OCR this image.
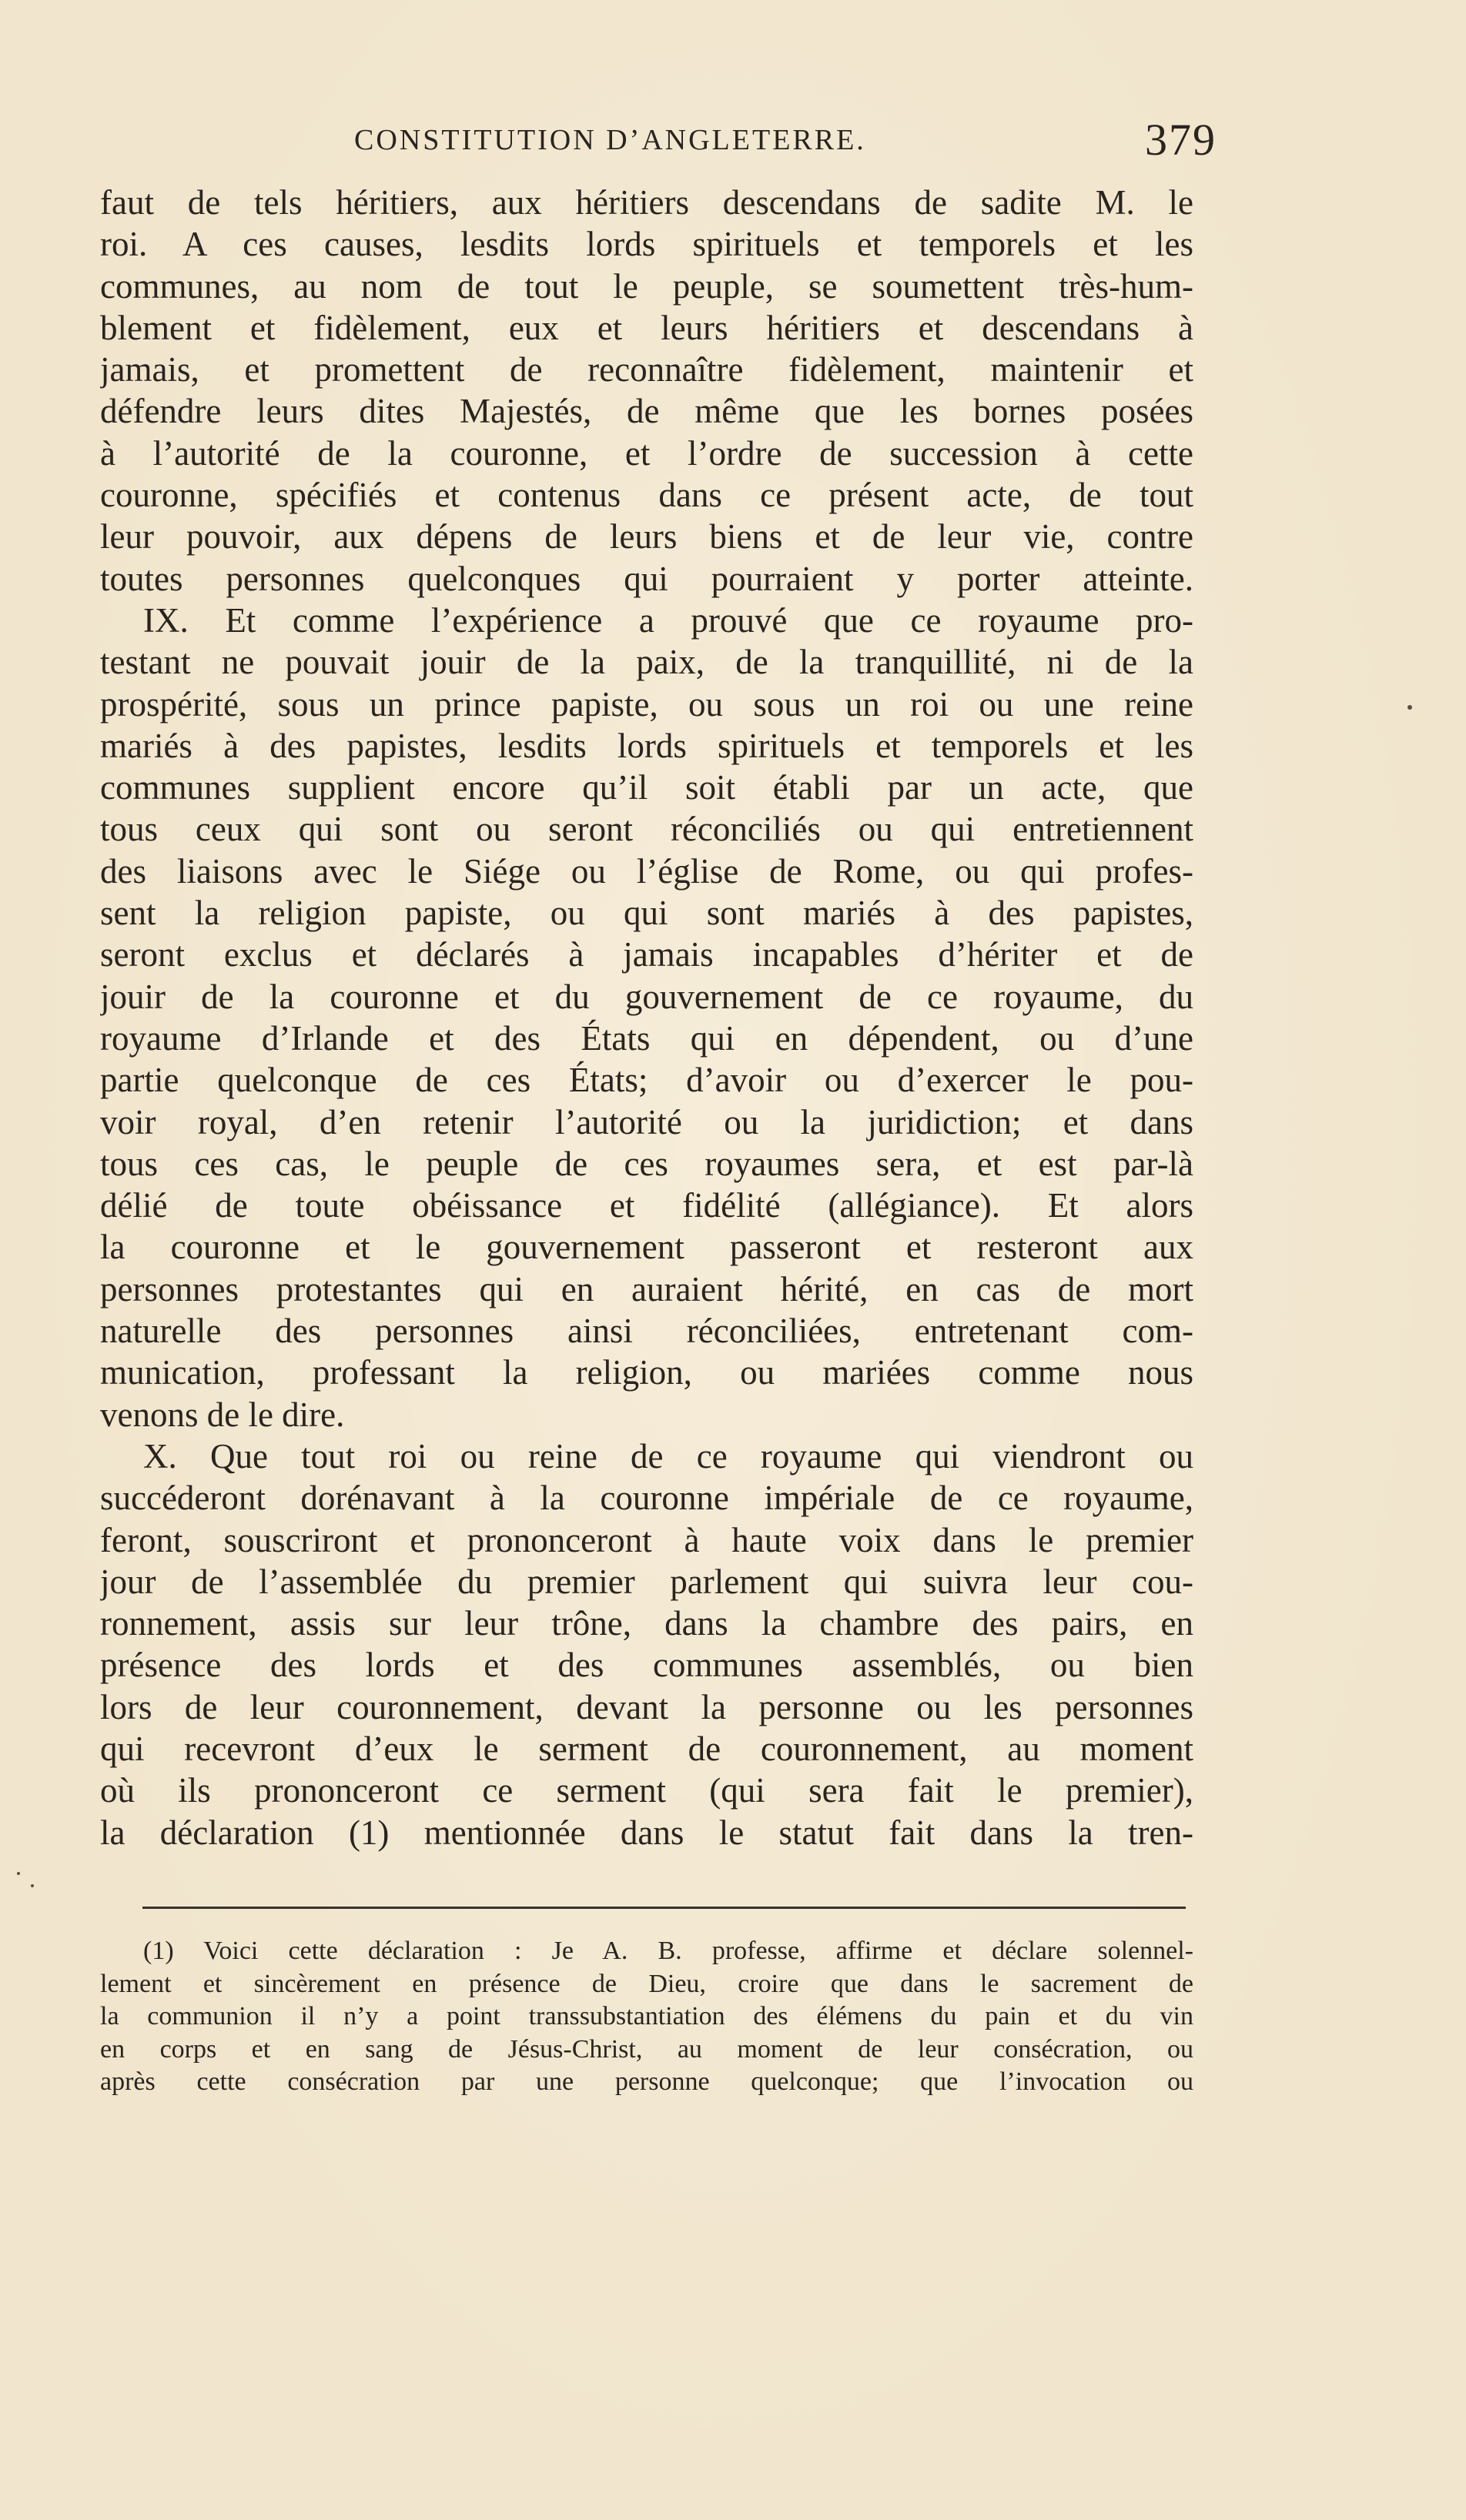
CONSTITUTION D’ANGLETERRE.	379
faut de tels héritiers, aux héritiers descendans de sadite M. le
roi. A ces causes, lesdits lords spirituels et temporels et les
communes, au nom de tout le peuple, se soumettent très-hum-
blement et fidèlement, eux et leurs héritiers et descendans à
jamais, et promettent de reconnaître fidèlement, maintenir et
défendre leurs dites Majestés, de même que les bornes posées
à l’autorité de la couronne, et l’ordre de succession à cette
couronne, spécifiés et contenus dans ce présent acte, de tout
leur pouvoir, aux dépens de leurs biens et de leur vie, contre
toutes personnes quelconques qui pourraient y porter atteinte.
IX. Et comme l’expérience a prouvé que ce royaume pro-
testant ne pouvait jouir de la paix, de la tranquillité, ni de la
prospérité, sous un prince papiste, ou sous un roi ou une reine
mariés à des papistes, lesdits lords spirituels et temporels et les
communes supplient encore qu’il soit établi par un acte, que
tous ceux qui sont ou seront réconciliés ou qui entretiennent
des liaisons avec le Siége ou l’église de Rome, ou qui profes-
sent la religion papiste, ou qui sont mariés à des papistes,
seront exclus et déclarés à jamais incapables d’hériter et de
jouir de la couronne et du gouvernement de ce royaume, du
royaume d’Irlande et des États qui en dépendent, ou d’une
partie quelconque de ces États; d’avoir ou d’exercer le pou-
voir royal, d’en retenir l’autorité ou la juridiction; et dans
tous ces cas, le peuple de ces royaumes sera, et est par-là
délié de toute obéissance et fidélité (allégiance). Et alors
la couronne et le gouvernement passeront et resteront aux
personnes protestantes qui en auraient hérité, en cas de mort
naturelle des personnes ainsi réconciliées, entretenant com-
munication, professant la religion, ou mariées comme nous
venons de le dire.
X. Que tout roi ou reine de ce royaume qui viendront ou
succéderont dorénavant à la couronne impériale de ce royaume,
feront, souscriront et prononceront à haute voix dans le premier
jour de l’assemblée du premier parlement qui suivra leur cou-
ronnement, assis sur leur trône, dans la chambre des pairs, en
présence des lords et des communes assemblés, ou bien
lors de leur couronnement, devant la personne ou les personnes
qui recevront d’eux le serment de couronnement, au moment
où ils prononceront ce serment (qui sera fait le premier),
la déclaration (1) mentionnée dans le statut fait dans la tren-
(1) Voici cette déclaration : Je A. B. professe, affirme et déclare solennel-
lement et sincèrement en présence de Dieu, croire que dans le sacrement de
la communion il n’y a point transsubstantiation des élémens du pain et du vin
en corps et en sang de Jésus-Christ, au moment de leur consécration, ou
après cette consécration par une personne quelconque; que l’invocation ou
